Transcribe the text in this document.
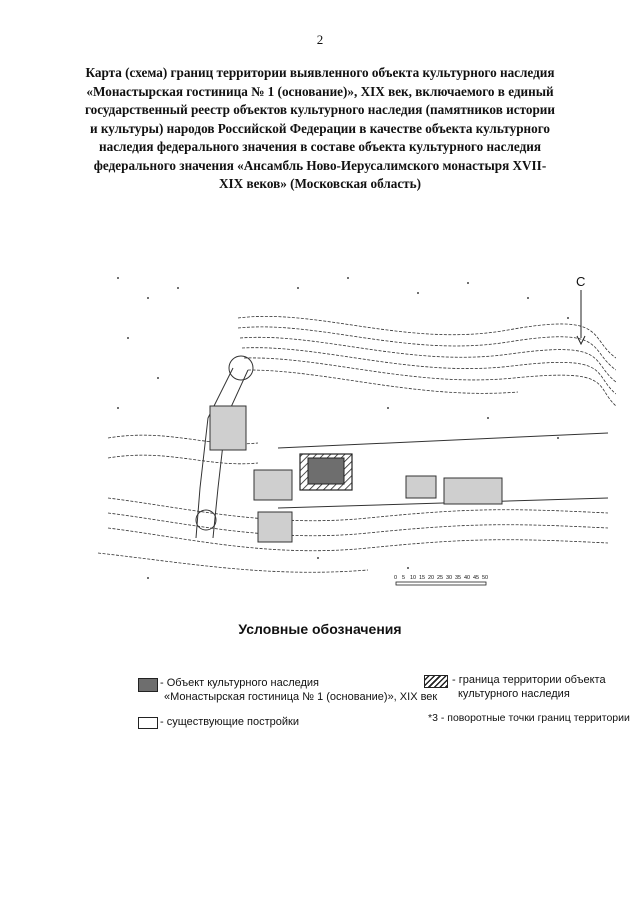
2
Карта (схема) границ территории выявленного объекта культурного наследия
«Монастырская гостиница № 1 (основание)», XIX век, включаемого в единый
государственный реестр объектов культурного наследия (памятников истории
и культуры) народов Российской Федерации в качестве объекта культурного
наследия федерального значения в составе объекта культурного наследия
федерального значения «Ансамбль Ново-Иерусалимского монастыря XVII-
XIX веков» (Московская область)
С
0 5 10 15 20 25 30 35 40 45 50
Условные обозначения
- Объект культурного наследия
«Монастырская гостиница № 1 (основание)», XIX век
- граница территории объекта
культурного наследия
- существующие постройки	*3 - поворотные точки границ территории
